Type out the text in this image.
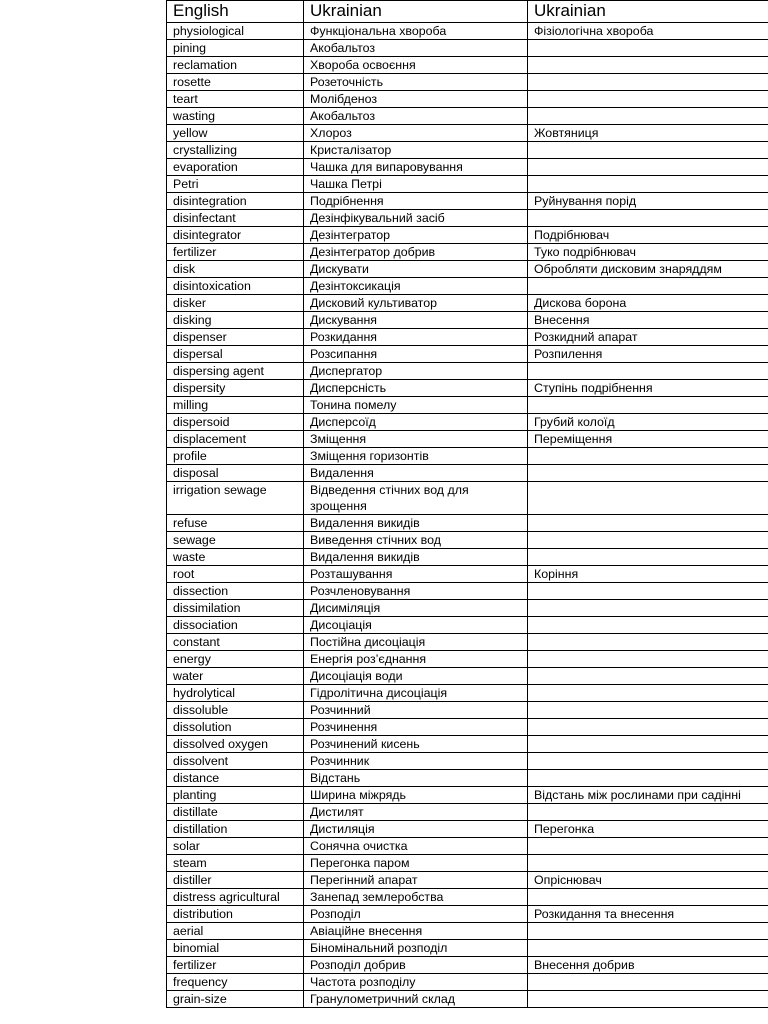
English	Ukrainian	Ukrainian
physiological	Функціональна хвороба	Фізіологічна хвороба
pining	Акобальтоз	
reclamation	Хвороба освоєння	
rosette	Розеточність	
teart	Молібденоз	
wasting	Акобальтоз	
yellow	Хлороз	Жовтяниця
crystallizing	Кристалізатор	
evaporation	Чашка для випаровування	
Petri	Чашка Петрі	
disintegration	Подрібнення	Руйнування порід
disinfectant	Дезінфікувальний засіб	
disintegrator	Дезінтегратор	Подрібнювач
fertilizer	Дезінтегратор добрив	Туко подрібнювач
disk	Дискувати	Обробляти дисковим знаряддям
disintoxication	Дезінтоксикація	
disker	Дисковий культиватор	Дискова борона
disking	Дискування	Внесення
dispenser	Розкидання	Розкидний апарат
dispersal	Розсипання	Розпилення
dispersing agent	Диспергатор	
dispersity	Дисперсність	Ступінь подрібнення
milling	Тонина помелу	
dispersoid	Дисперсоїд	Грубий колоїд
displacement	Зміщення	Переміщення
profile	Зміщення горизонтів	
disposal	Видалення	
irrigation sewage	Відведення стічних вод для зрощення	
refuse	Видалення викидів	
sewage	Виведення стічних вод	
waste	Видалення викидів	
root	Розташування	Коріння
dissection	Розчленовування	
dissimilation	Дисиміляція	
dissociation	Дисоціація	
constant	Постійна дисоціація	
energy	Енергія роз’єднання	
water	Дисоціація води	
hydrolytical	Гідролітична дисоціація	
dissoluble	Розчинний	
dissolution	Розчинення	
dissolved oxygen	Розчинений кисень	
dissolvent	Розчинник	
distance	Відстань	
planting	Ширина міжрядь	Відстань між рослинами при садінні
distillate	Дистилят	
distillation	Дистиляція	Перегонка
solar	Сонячна очистка	
steam	Перегонка паром	
distiller	Перегінний апарат	Опріснювач
distress agricultural	Занепад землеробства	
distribution	Розподіл	Розкидання та внесення
aerial	Авіаційне внесення	
binomial	Біномінальний розподіл	
fertilizer	Розподіл добрив	Внесення добрив
frequency	Частота розподілу	
grain-size	Гранулометричний склад	
